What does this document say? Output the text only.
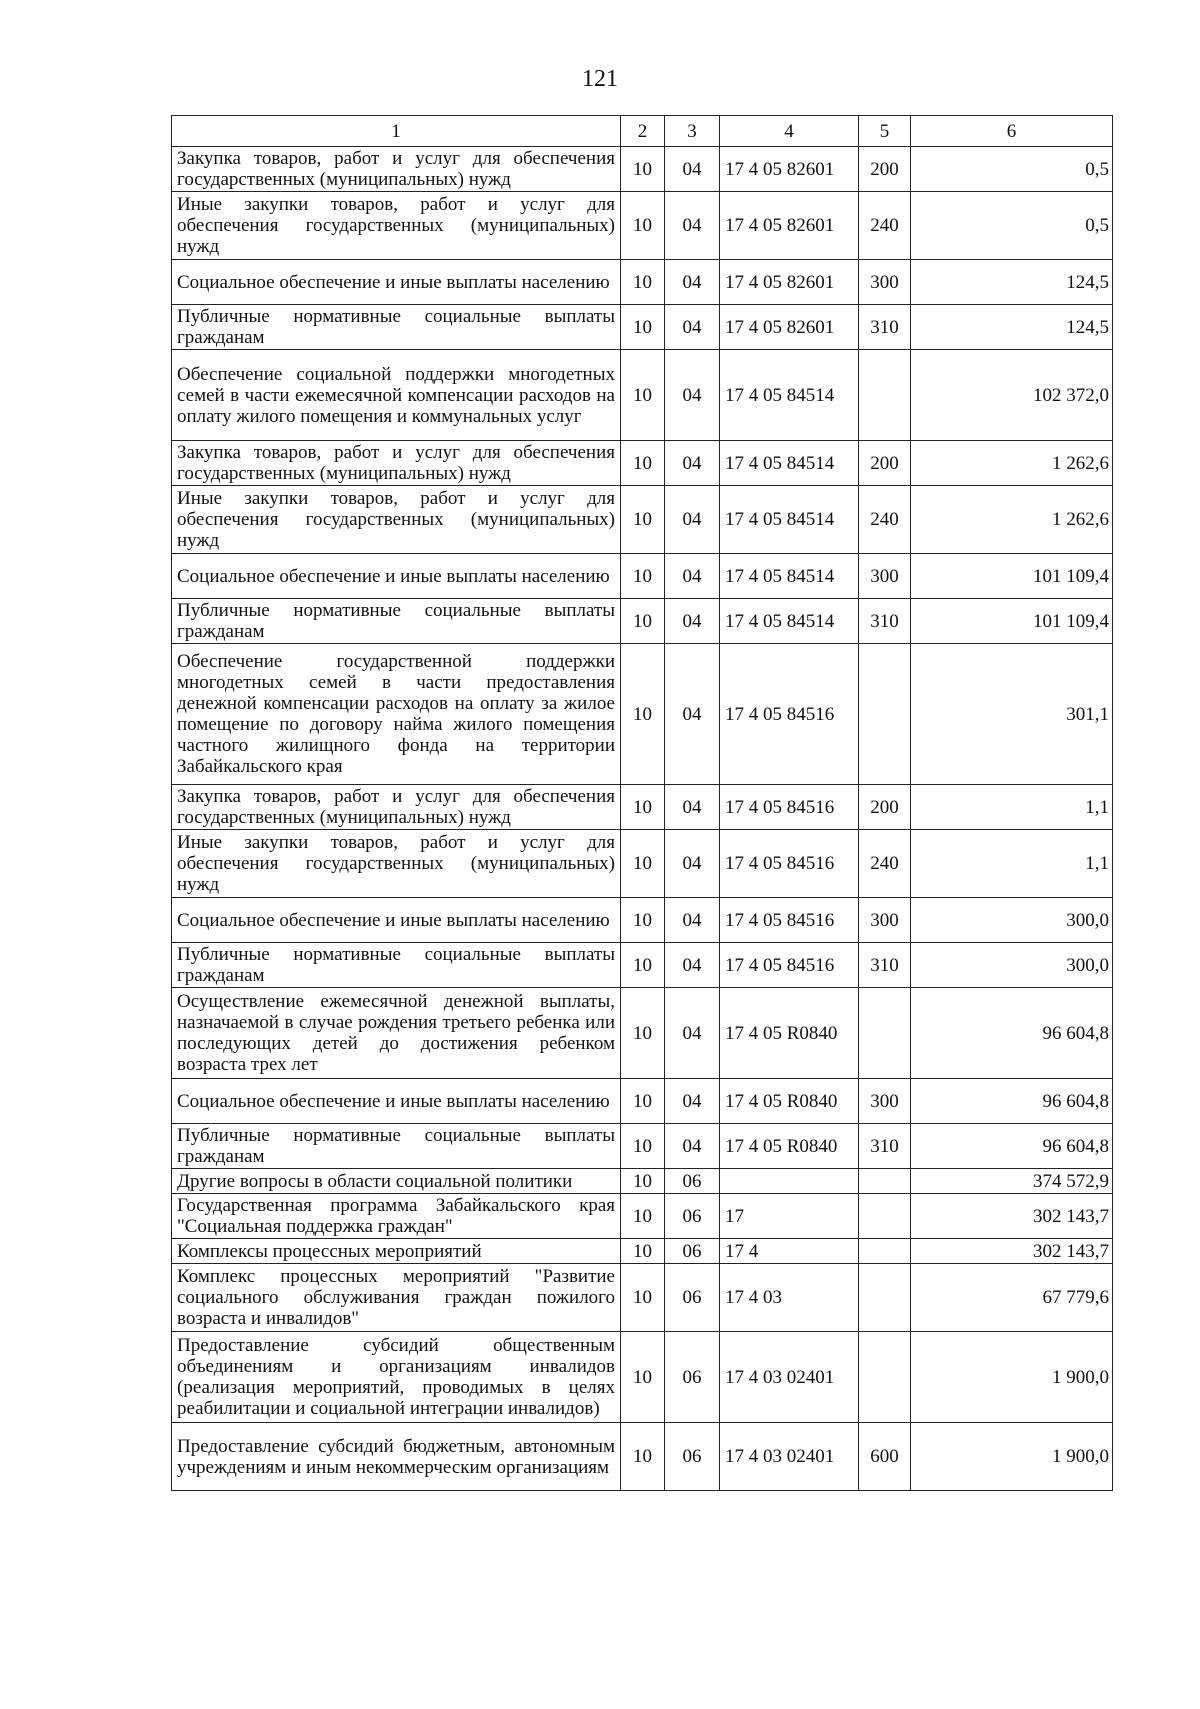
121
1	2	3	4	5	6
Закупка товаров, работ и услуг для обеспечения государственных (муниципальных) нужд	10	04	17 4 05 82601	200	0,5
Иные закупки товаров, работ и услуг для обеспечения государственных (муниципальных) нужд	10	04	17 4 05 82601	240	0,5
Социальное обеспечение и иные выплаты населению	10	04	17 4 05 82601	300	124,5
Публичные нормативные социальные выплаты гражданам	10	04	17 4 05 82601	310	124,5
Обеспечение социальной поддержки многодетных семей в части ежемесячной компенсации расходов на оплату жилого помещения и коммунальных услуг	10	04	17 4 05 84514		102 372,0
Закупка товаров, работ и услуг для обеспечения государственных (муниципальных) нужд	10	04	17 4 05 84514	200	1 262,6
Иные закупки товаров, работ и услуг для обеспечения государственных (муниципальных) нужд	10	04	17 4 05 84514	240	1 262,6
Социальное обеспечение и иные выплаты населению	10	04	17 4 05 84514	300	101 109,4
Публичные нормативные социальные выплаты гражданам	10	04	17 4 05 84514	310	101 109,4
Обеспечение государственной поддержки многодетных семей в части предоставления денежной компенсации расходов на оплату за жилое помещение по договору найма жилого помещения частного жилищного фонда на территории Забайкальского края	10	04	17 4 05 84516		301,1
Закупка товаров, работ и услуг для обеспечения государственных (муниципальных) нужд	10	04	17 4 05 84516	200	1,1
Иные закупки товаров, работ и услуг для обеспечения государственных (муниципальных) нужд	10	04	17 4 05 84516	240	1,1
Социальное обеспечение и иные выплаты населению	10	04	17 4 05 84516	300	300,0
Публичные нормативные социальные выплаты гражданам	10	04	17 4 05 84516	310	300,0
Осуществление ежемесячной денежной выплаты, назначаемой в случае рождения третьего ребенка или последующих детей до достижения ребенком возраста трех лет	10	04	17 4 05 R0840		96 604,8
Социальное обеспечение и иные выплаты населению	10	04	17 4 05 R0840	300	96 604,8
Публичные нормативные социальные выплаты гражданам	10	04	17 4 05 R0840	310	96 604,8
Другие вопросы в области социальной политики	10	06			374 572,9
Государственная программа Забайкальского края "Социальная поддержка граждан"	10	06	17		302 143,7
Комплексы процессных мероприятий	10	06	17 4		302 143,7
Комплекс процессных мероприятий "Развитие социального обслуживания граждан пожилого возраста и инвалидов"	10	06	17 4 03		67 779,6
Предоставление субсидий общественным объединениям и организациям инвалидов (реализация мероприятий, проводимых в целях реабилитации и социальной интеграции инвалидов)	10	06	17 4 03 02401		1 900,0
Предоставление субсидий бюджетным, автономным учреждениям и иным некоммерческим организациям	10	06	17 4 03 02401	600	1 900,0
